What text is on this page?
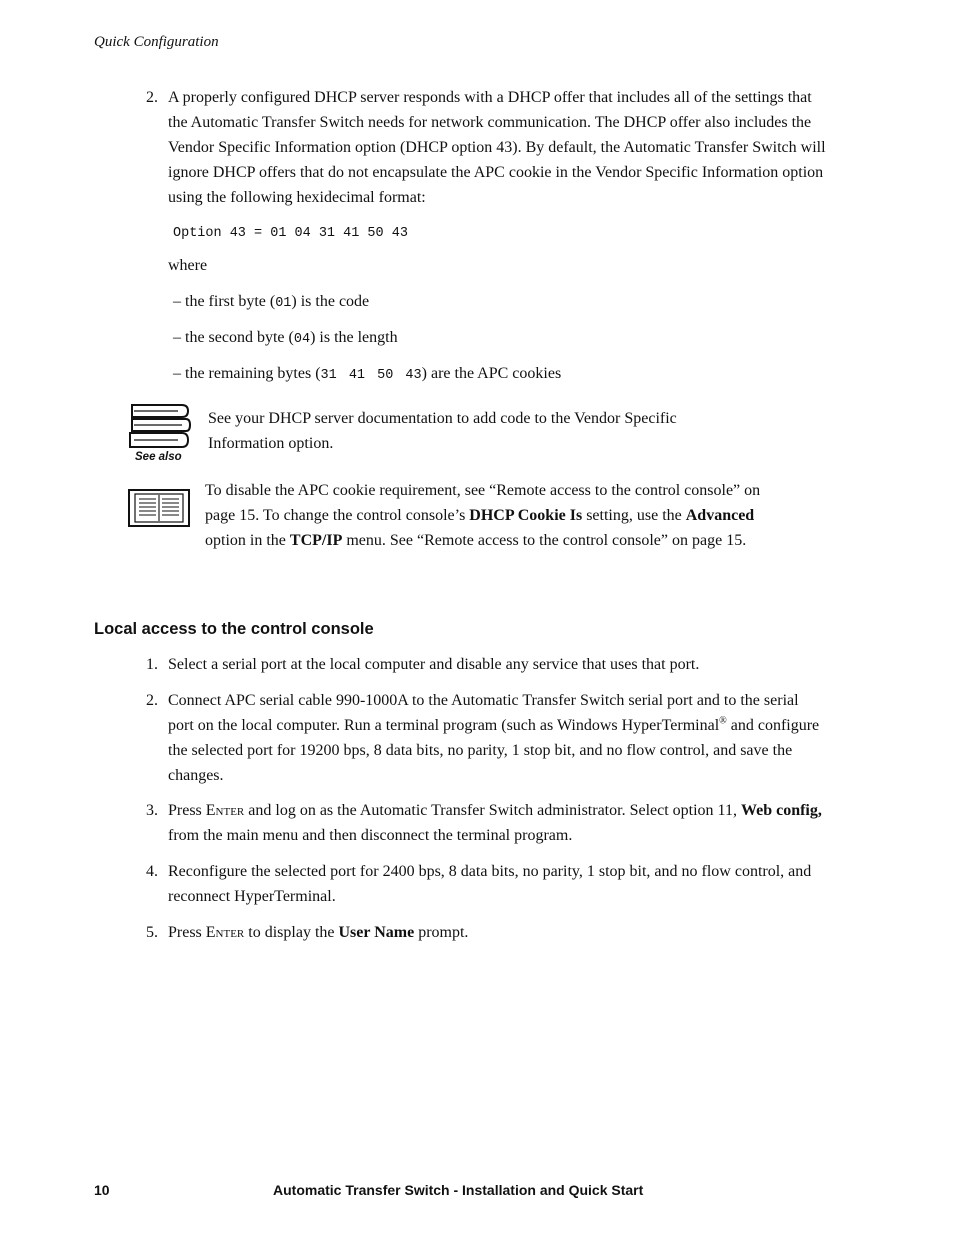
Quick Configuration
2. A properly configured DHCP server responds with a DHCP offer that includes all of the settings that the Automatic Transfer Switch needs for network communication. The DHCP offer also includes the Vendor Specific Information option (DHCP option 43). By default, the Automatic Transfer Switch will ignore DHCP offers that do not encapsulate the APC cookie in the Vendor Specific Information option using the following hexidecimal format:
Option 43 = 01 04 31 41 50 43
where
– the first byte (01) is the code
– the second byte (04) is the length
– the remaining bytes (31 41 50 43) are the APC cookies
See also
See your DHCP server documentation to add code to the Vendor Specific Information option.
To disable the APC cookie requirement, see “Remote access to the control console” on page 15. To change the control console’s DHCP Cookie Is setting, use the Advanced option in the TCP/IP menu. See “Remote access to the control console” on page 15.
Local access to the control console
1. Select a serial port at the local computer and disable any service that uses that port.
2. Connect APC serial cable 990-1000A to the Automatic Transfer Switch serial port and to the serial port on the local computer. Run a terminal program (such as Windows HyperTerminal® and configure the selected port for 19200 bps, 8 data bits, no parity, 1 stop bit, and no flow control, and save the changes.
3. Press Enter and log on as the Automatic Transfer Switch administrator. Select option 11, Web config, from the main menu and then disconnect the terminal program.
4. Reconfigure the selected port for 2400 bps, 8 data bits, no parity, 1 stop bit, and no flow control, and reconnect HyperTerminal.
5. Press Enter to display the User Name prompt.
10	Automatic Transfer Switch - Installation and Quick Start
